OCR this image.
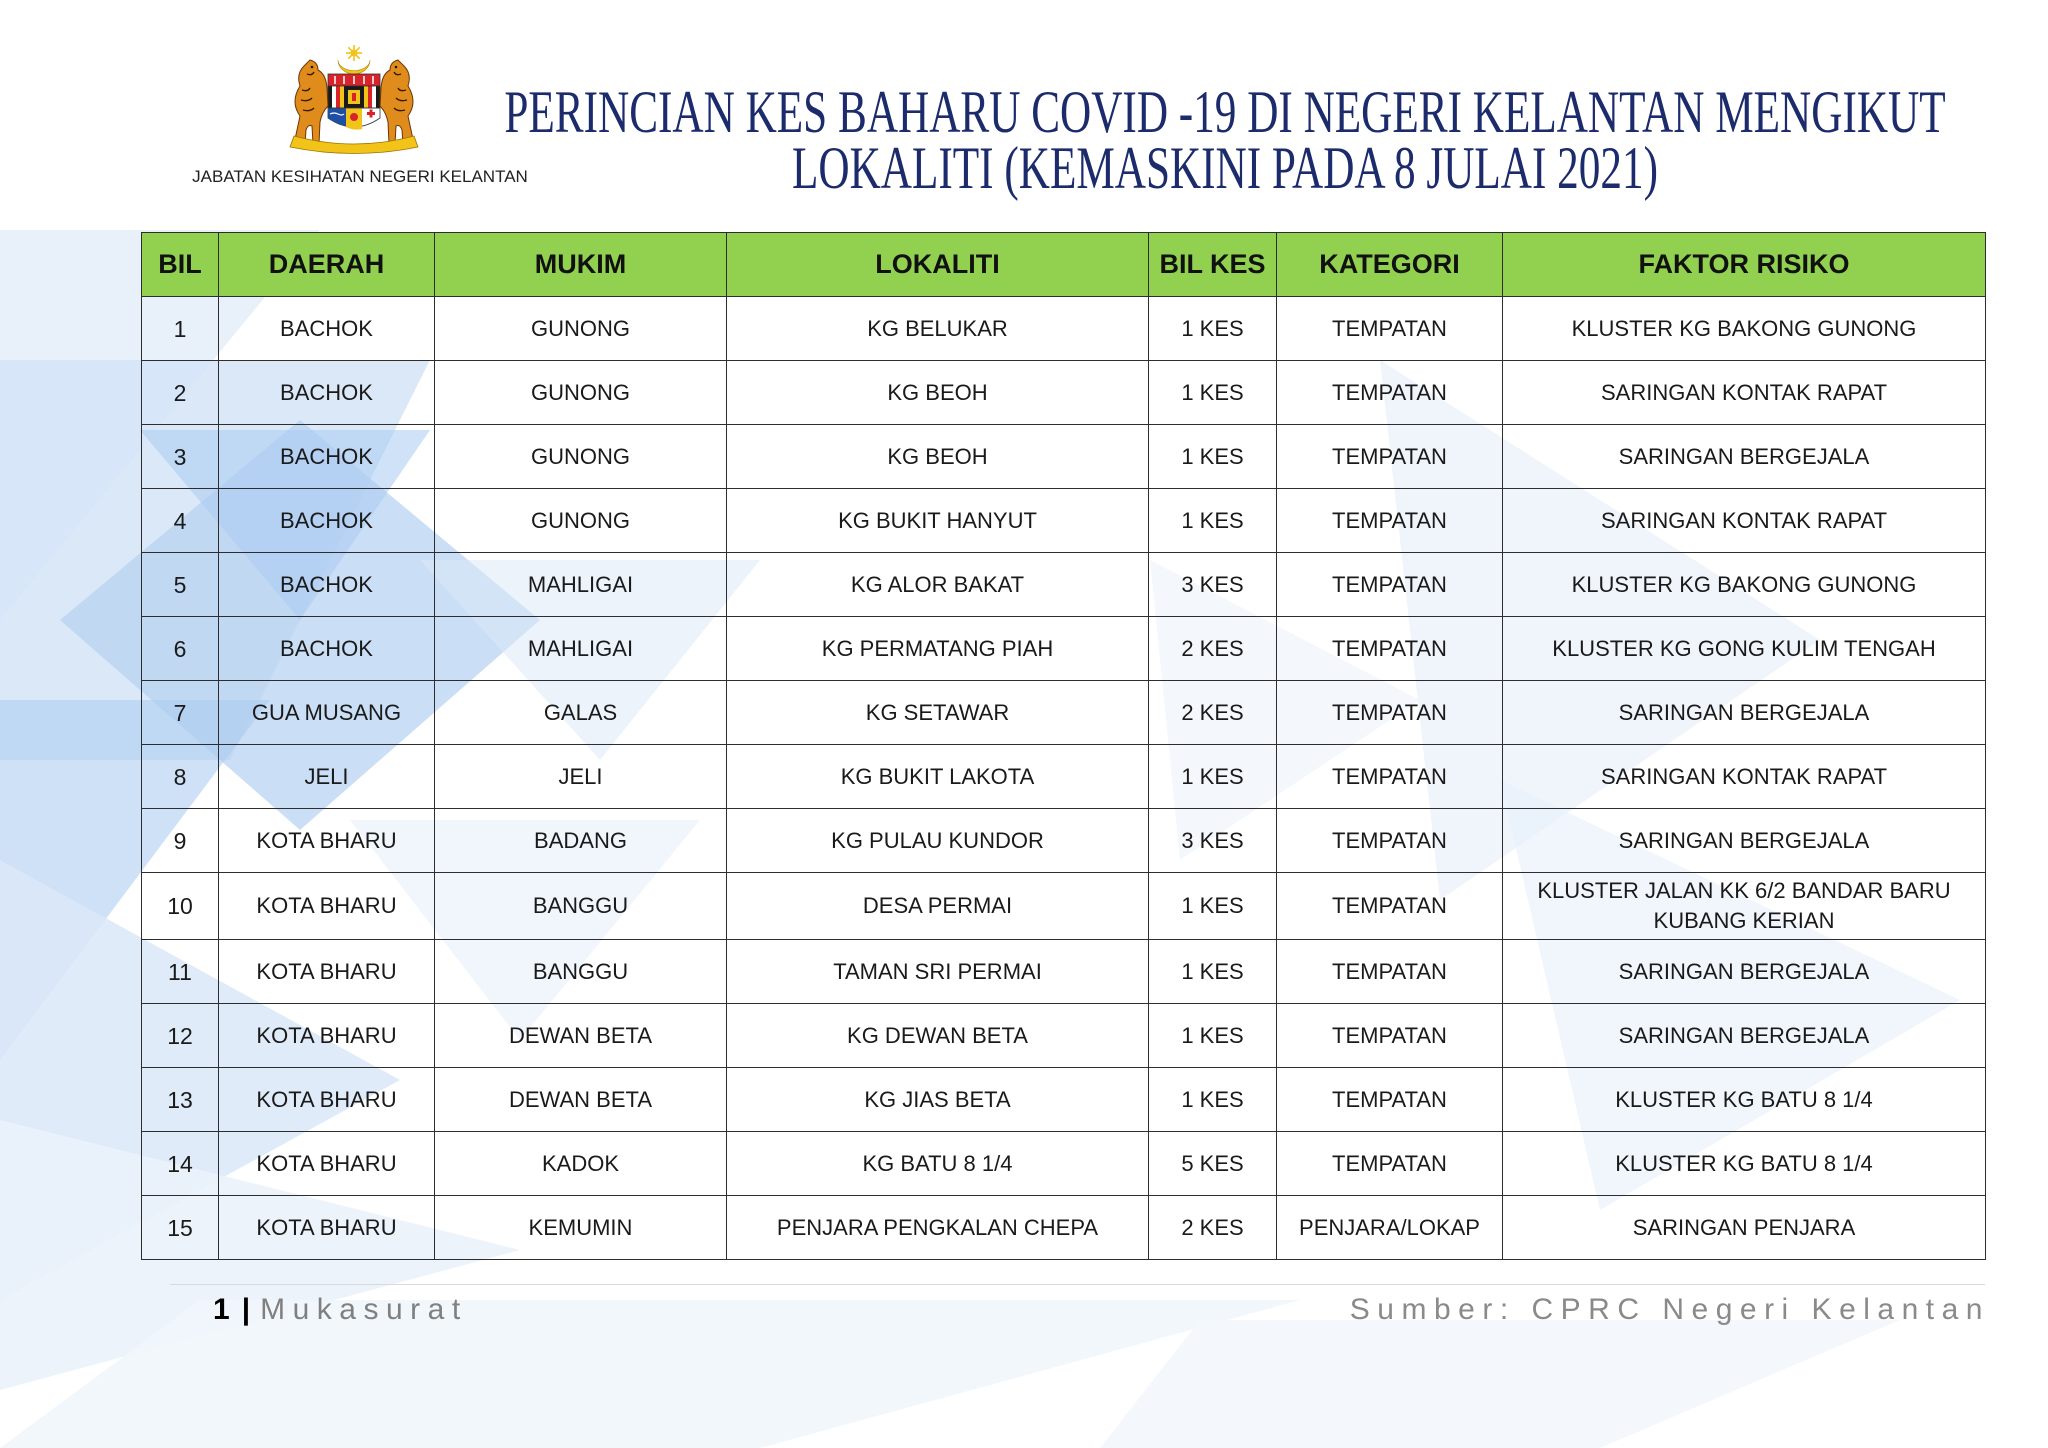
JABATAN KESIHATAN NEGERI KELANTAN
PERINCIAN KES BAHARU COVID -19 DI NEGERI KELANTAN MENGIKUT
LOKALITI (KEMASKINI PADA 8 JULAI 2021)
BIL	DAERAH	MUKIM	LOKALITI	BIL KES	KATEGORI	FAKTOR RISIKO
1	BACHOK	GUNONG	KG BELUKAR	1 KES	TEMPATAN	KLUSTER KG BAKONG GUNONG
2	BACHOK	GUNONG	KG BEOH	1 KES	TEMPATAN	SARINGAN KONTAK RAPAT
3	BACHOK	GUNONG	KG BEOH	1 KES	TEMPATAN	SARINGAN BERGEJALA
4	BACHOK	GUNONG	KG BUKIT HANYUT	1 KES	TEMPATAN	SARINGAN KONTAK RAPAT
5	BACHOK	MAHLIGAI	KG ALOR BAKAT	3 KES	TEMPATAN	KLUSTER KG BAKONG GUNONG
6	BACHOK	MAHLIGAI	KG PERMATANG PIAH	2 KES	TEMPATAN	KLUSTER KG GONG KULIM TENGAH
7	GUA MUSANG	GALAS	KG SETAWAR	2 KES	TEMPATAN	SARINGAN BERGEJALA
8	JELI	JELI	KG BUKIT LAKOTA	1 KES	TEMPATAN	SARINGAN KONTAK RAPAT
9	KOTA BHARU	BADANG	KG PULAU KUNDOR	3 KES	TEMPATAN	SARINGAN BERGEJALA
10	KOTA BHARU	BANGGU	DESA PERMAI	1 KES	TEMPATAN	KLUSTER JALAN KK 6/2 BANDAR BARU KUBANG KERIAN
11	KOTA BHARU	BANGGU	TAMAN SRI PERMAI	1 KES	TEMPATAN	SARINGAN BERGEJALA
12	KOTA BHARU	DEWAN BETA	KG DEWAN BETA	1 KES	TEMPATAN	SARINGAN BERGEJALA
13	KOTA BHARU	DEWAN BETA	KG JIAS BETA	1 KES	TEMPATAN	KLUSTER KG BATU 8 1/4
14	KOTA BHARU	KADOK	KG BATU 8 1/4	5 KES	TEMPATAN	KLUSTER KG BATU 8 1/4
15	KOTA BHARU	KEMUMIN	PENJARA PENGKALAN CHEPA	2 KES	PENJARA/LOKAP	SARINGAN PENJARA
1 | Mukasurat	Sumber: CPRC Negeri Kelantan
